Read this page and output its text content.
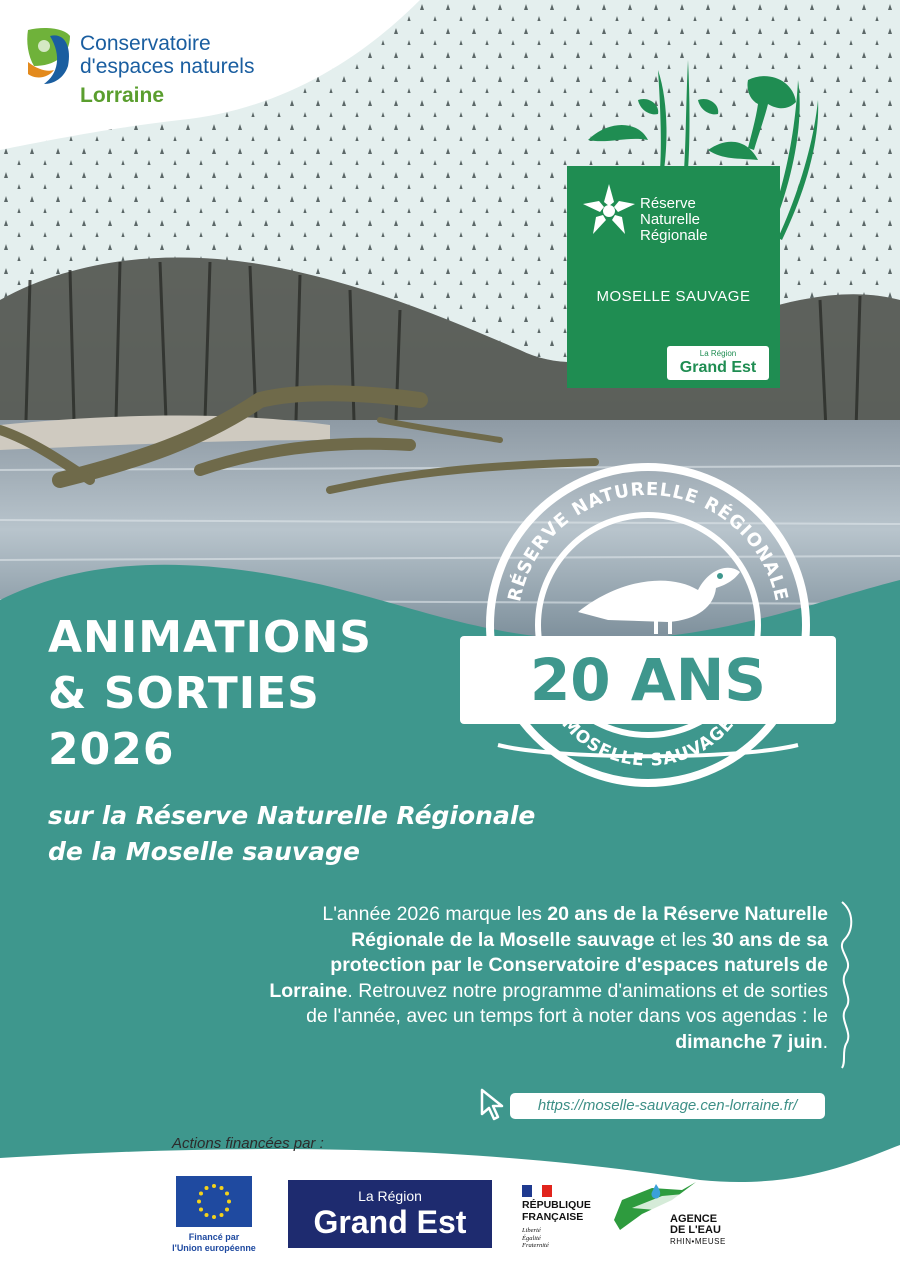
Conservatoire
d'espaces naturels
Lorraine
Réserve
Naturelle
Régionale
MOSELLE SAUVAGE
La Région
Grand Est
RÉSERVE NATURELLE RÉGIONALE
20 ANS
MOSELLE SAUVAGE
ANIMATIONS
& SORTIES
2026
sur la Réserve Naturelle Régionale
de la Moselle sauvage
L'année 2026 marque les 20 ans de la Réserve Naturelle Régionale de la Moselle sauvage et les 30 ans de sa protection par le Conservatoire d'espaces naturels de Lorraine. Retrouvez notre programme d'animations et de sorties de l'année, avec un temps fort à noter dans vos agendas : le dimanche 7 juin.
https://moselle-sauvage.cen-lorraine.fr/
Actions financées par :
Financé par
l'Union européenne
La Région
Grand Est	RÉPUBLIQUE
FRANÇAISE
Liberté
Égalité
Fraternité
AGENCE
DE L'EAU
RHIN•MEUSE
